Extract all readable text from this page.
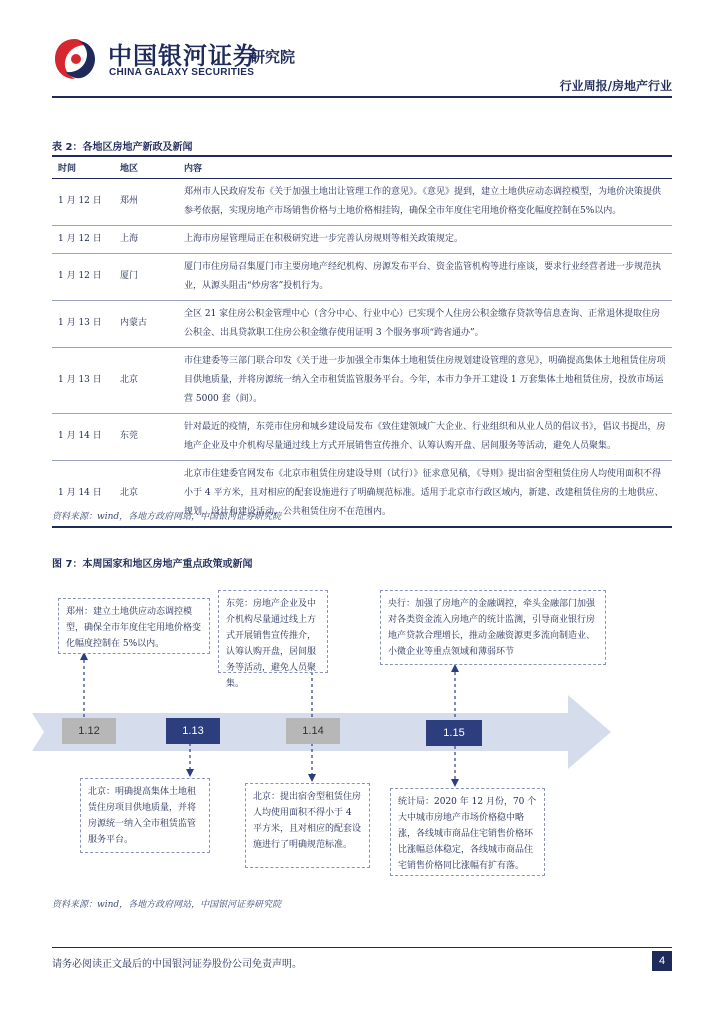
中国银河证券
CHINA GALAXY SECURITIES
研究院
行业周报/房地产行业
表 2：各地区房地产新政及新闻
时间	地区	内容
1 月 12 日	郑州	郑州市人民政府发布《关于加强土地出让管理工作的意见》。《意见》提到，建立土地供应动态调控模型，为地价决策提供参考依据，实现房地产市场销售价格与土地价格相挂钩，确保全市年度住宅用地价格变化幅度控制在5%以内。
1 月 12 日	上海	上海市房屋管理局正在积极研究进一步完善认房规则等相关政策规定。
1 月 12 日	厦门	厦门市住房局召集厦门市主要房地产经纪机构、房源发布平台、资金监管机构等进行座谈，要求行业经营者进一步规范执业，从源头阻击“炒房客”投机行为。
1 月 13 日	内蒙古	全区 21 家住房公积金管理中心（含分中心、行业中心）已实现个人住房公积金缴存贷款等信息查询、正常退休提取住房公积金、出具贷款职工住房公积金缴存使用证明 3 个服务事项“跨省通办”。
1 月 13 日	北京	市住建委等三部门联合印发《关于进一步加强全市集体土地租赁住房规划建设管理的意见》，明确提高集体土地租赁住房项目供地质量，并将房源统一纳入全市租赁监管服务平台。今年，本市力争开工建设 1 万套集体土地租赁住房，投放市场运营 5000 套（间）。
1 月 14 日	东莞	针对最近的疫情，东莞市住房和城乡建设局发布《致住建领域广大企业、行业组织和从业人员的倡议书》，倡议书提出，房地产企业及中介机构尽量通过线上方式开展销售宣传推介、认筹认购开盘、居间服务等活动，避免人员聚集。
1 月 14 日	北京	北京市住建委官网发布《北京市租赁住房建设导则（试行）》征求意见稿，《导则》提出宿舍型租赁住房人均使用面积不得小于 4 平方米，且对相应的配套设施进行了明确规范标准。适用于北京市行政区域内，新建、改建租赁住房的土地供应、规划、设计和建设活动，公共租赁住房不在范围内。
资料来源：wind，各地方政府网站，中国银河证券研究院
图 7：本周国家和地区房地产重点政策或新闻
郑州：建立土地供应动态调控模型，确保全市年度住宅用地价格变化幅度控制在 5%以内。
东莞：房地产企业及中介机构尽量通过线上方式开展销售宣传推介，认筹认购开盘，居间服务等活动，避免人员聚集。
央行：加强了房地产的金融调控，牵头金融部门加强对各类资金流入房地产的统计监测，引导商业银行房地产贷款合理增长，推动金融资源更多流向制造业、小微企业等重点领域和薄弱环节
1.12	1.13	1.14	1.15
北京：明确提高集体土地租赁住房项目供地质量，并将房源统一纳入全市租赁监管服务平台。
北京：提出宿舍型租赁住房人均使用面积不得小于 4 平方米，且对相应的配套设施进行了明确规范标准。
统计局：2020 年 12 月份，70 个大中城市房地产市场价格稳中略涨，各线城市商品住宅销售价格环比涨幅总体稳定，各线城市商品住宅销售价格同比涨幅有扩有落。
资料来源：wind，各地方政府网站，中国银河证券研究院
请务必阅读正文最后的中国银河证券股份公司免责声明。	4
